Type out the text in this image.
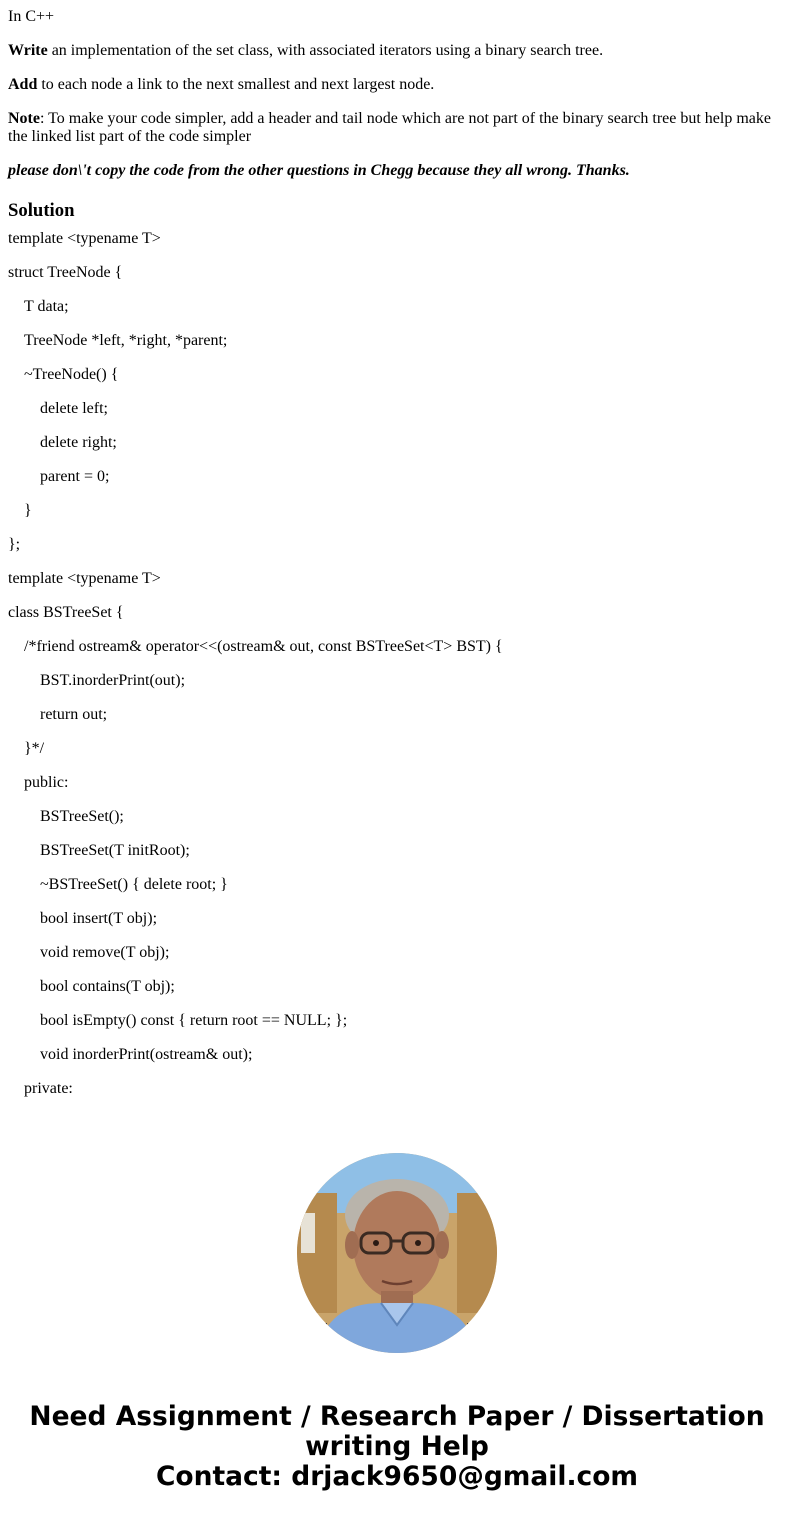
In C++
Write an implementation of the set class, with associated iterators using a binary search tree.
Add to each node a link to the next smallest and next largest node.
Note: To make your code simpler, add a header and tail node which are not part of the binary search tree but help make the linked list part of the code simpler
please don\'t copy the code from the other questions in Chegg because they all wrong. Thanks.
Solution
template <typename T>
struct TreeNode {
T data;
TreeNode *left, *right, *parent;
~TreeNode() {
delete left;
delete right;
parent = 0;
}
};
template <typename T>
class BSTreeSet {
/*friend ostream& operator<<(ostream& out, const BSTreeSet<T> BST) {
BST.inorderPrint(out);
return out;
}*/
public:
BSTreeSet();
BSTreeSet(T initRoot);
~BSTreeSet() { delete root; }
bool insert(T obj);
void remove(T obj);
bool contains(T obj);
bool isEmpty() const { return root == NULL; };
void inorderPrint(ostream& out);
private:
Need Assignment / Research Paper / Dissertation
writing Help
Contact: drjack9650@gmail.com
